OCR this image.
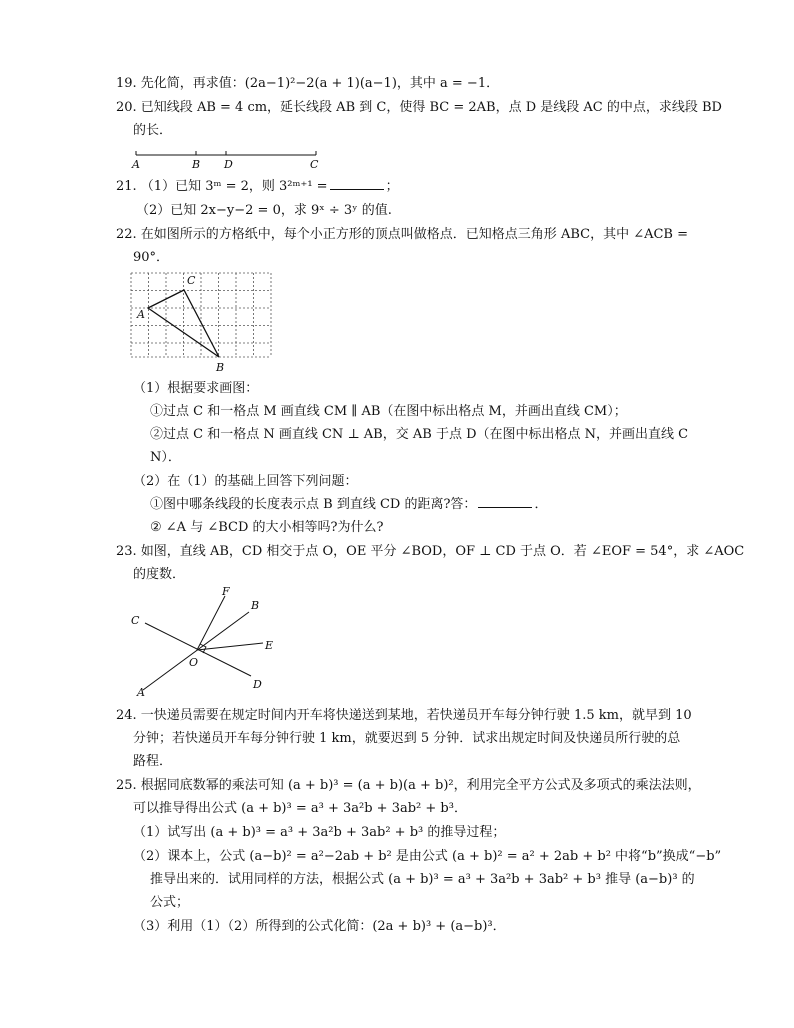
19. 先化简，再求值：(2a−1)²−2(a + 1)(a−1)，其中 a = −1．
20. 已知线段 AB = 4 cm，延长线段 AB 到 C，使得 BC = 2AB，点 D 是线段 AC 的中点，求线段 BD
的长．
A	B D	C
21. （1）已知 3ᵐ = 2，则 3²ᵐ⁺¹ =	；
（2）已知 2x−y−2 = 0，求 9ˣ ÷ 3ʸ 的值.
22. 在如图所示的方格纸中，每个小正方形的顶点叫做格点．已知格点三角形 ABC，其中 ∠ACB =
90°．
C
A
B
（1）根据要求画图：
①过点 C 和一格点 M 画直线 CM ∥ AB（在图中标出格点 M，并画出直线 CM）；
②过点 C 和一格点 N 画直线 CN ⊥ AB，交 AB 于点 D（在图中标出格点 N，并画出直线 C
N）．
（2）在（1）的基础上回答下列问题：
①图中哪条线段的长度表示点 B 到直线 CD 的距离?答：	．
② ∠A 与 ∠BCD 的大小相等吗?为什么?
23. 如图，直线 AB，CD 相交于点 O，OE 平分 ∠BOD，OF ⊥ CD 于点 O．若 ∠EOF = 54°，求 ∠AOC
的度数．
F
B
C
E
O
A
D
24. 一快递员需要在规定时间内开车将快递送到某地，若快递员开车每分钟行驶 1.5 km，就早到 10
分钟；若快递员开车每分钟行驶 1 km，就要迟到 5 分钟．试求出规定时间及快递员所行驶的总
路程．
25. 根据同底数幂的乘法可知 (a + b)³ = (a + b)(a + b)²，利用完全平方公式及多项式的乘法法则，
可以推导得出公式 (a + b)³ = a³ + 3a²b + 3ab² + b³．
（1）试写出 (a + b)³ = a³ + 3a²b + 3ab² + b³ 的推导过程；
（2）课本上，公式 (a−b)² = a²−2ab + b² 是由公式 (a + b)² = a² + 2ab + b² 中将“b”换成“−b”
推导出来的．试用同样的方法，根据公式 (a + b)³ = a³ + 3a²b + 3ab² + b³ 推导 (a−b)³ 的
公式；
（3）利用（1）（2）所得到的公式化简：(2a + b)³ + (a−b)³．
